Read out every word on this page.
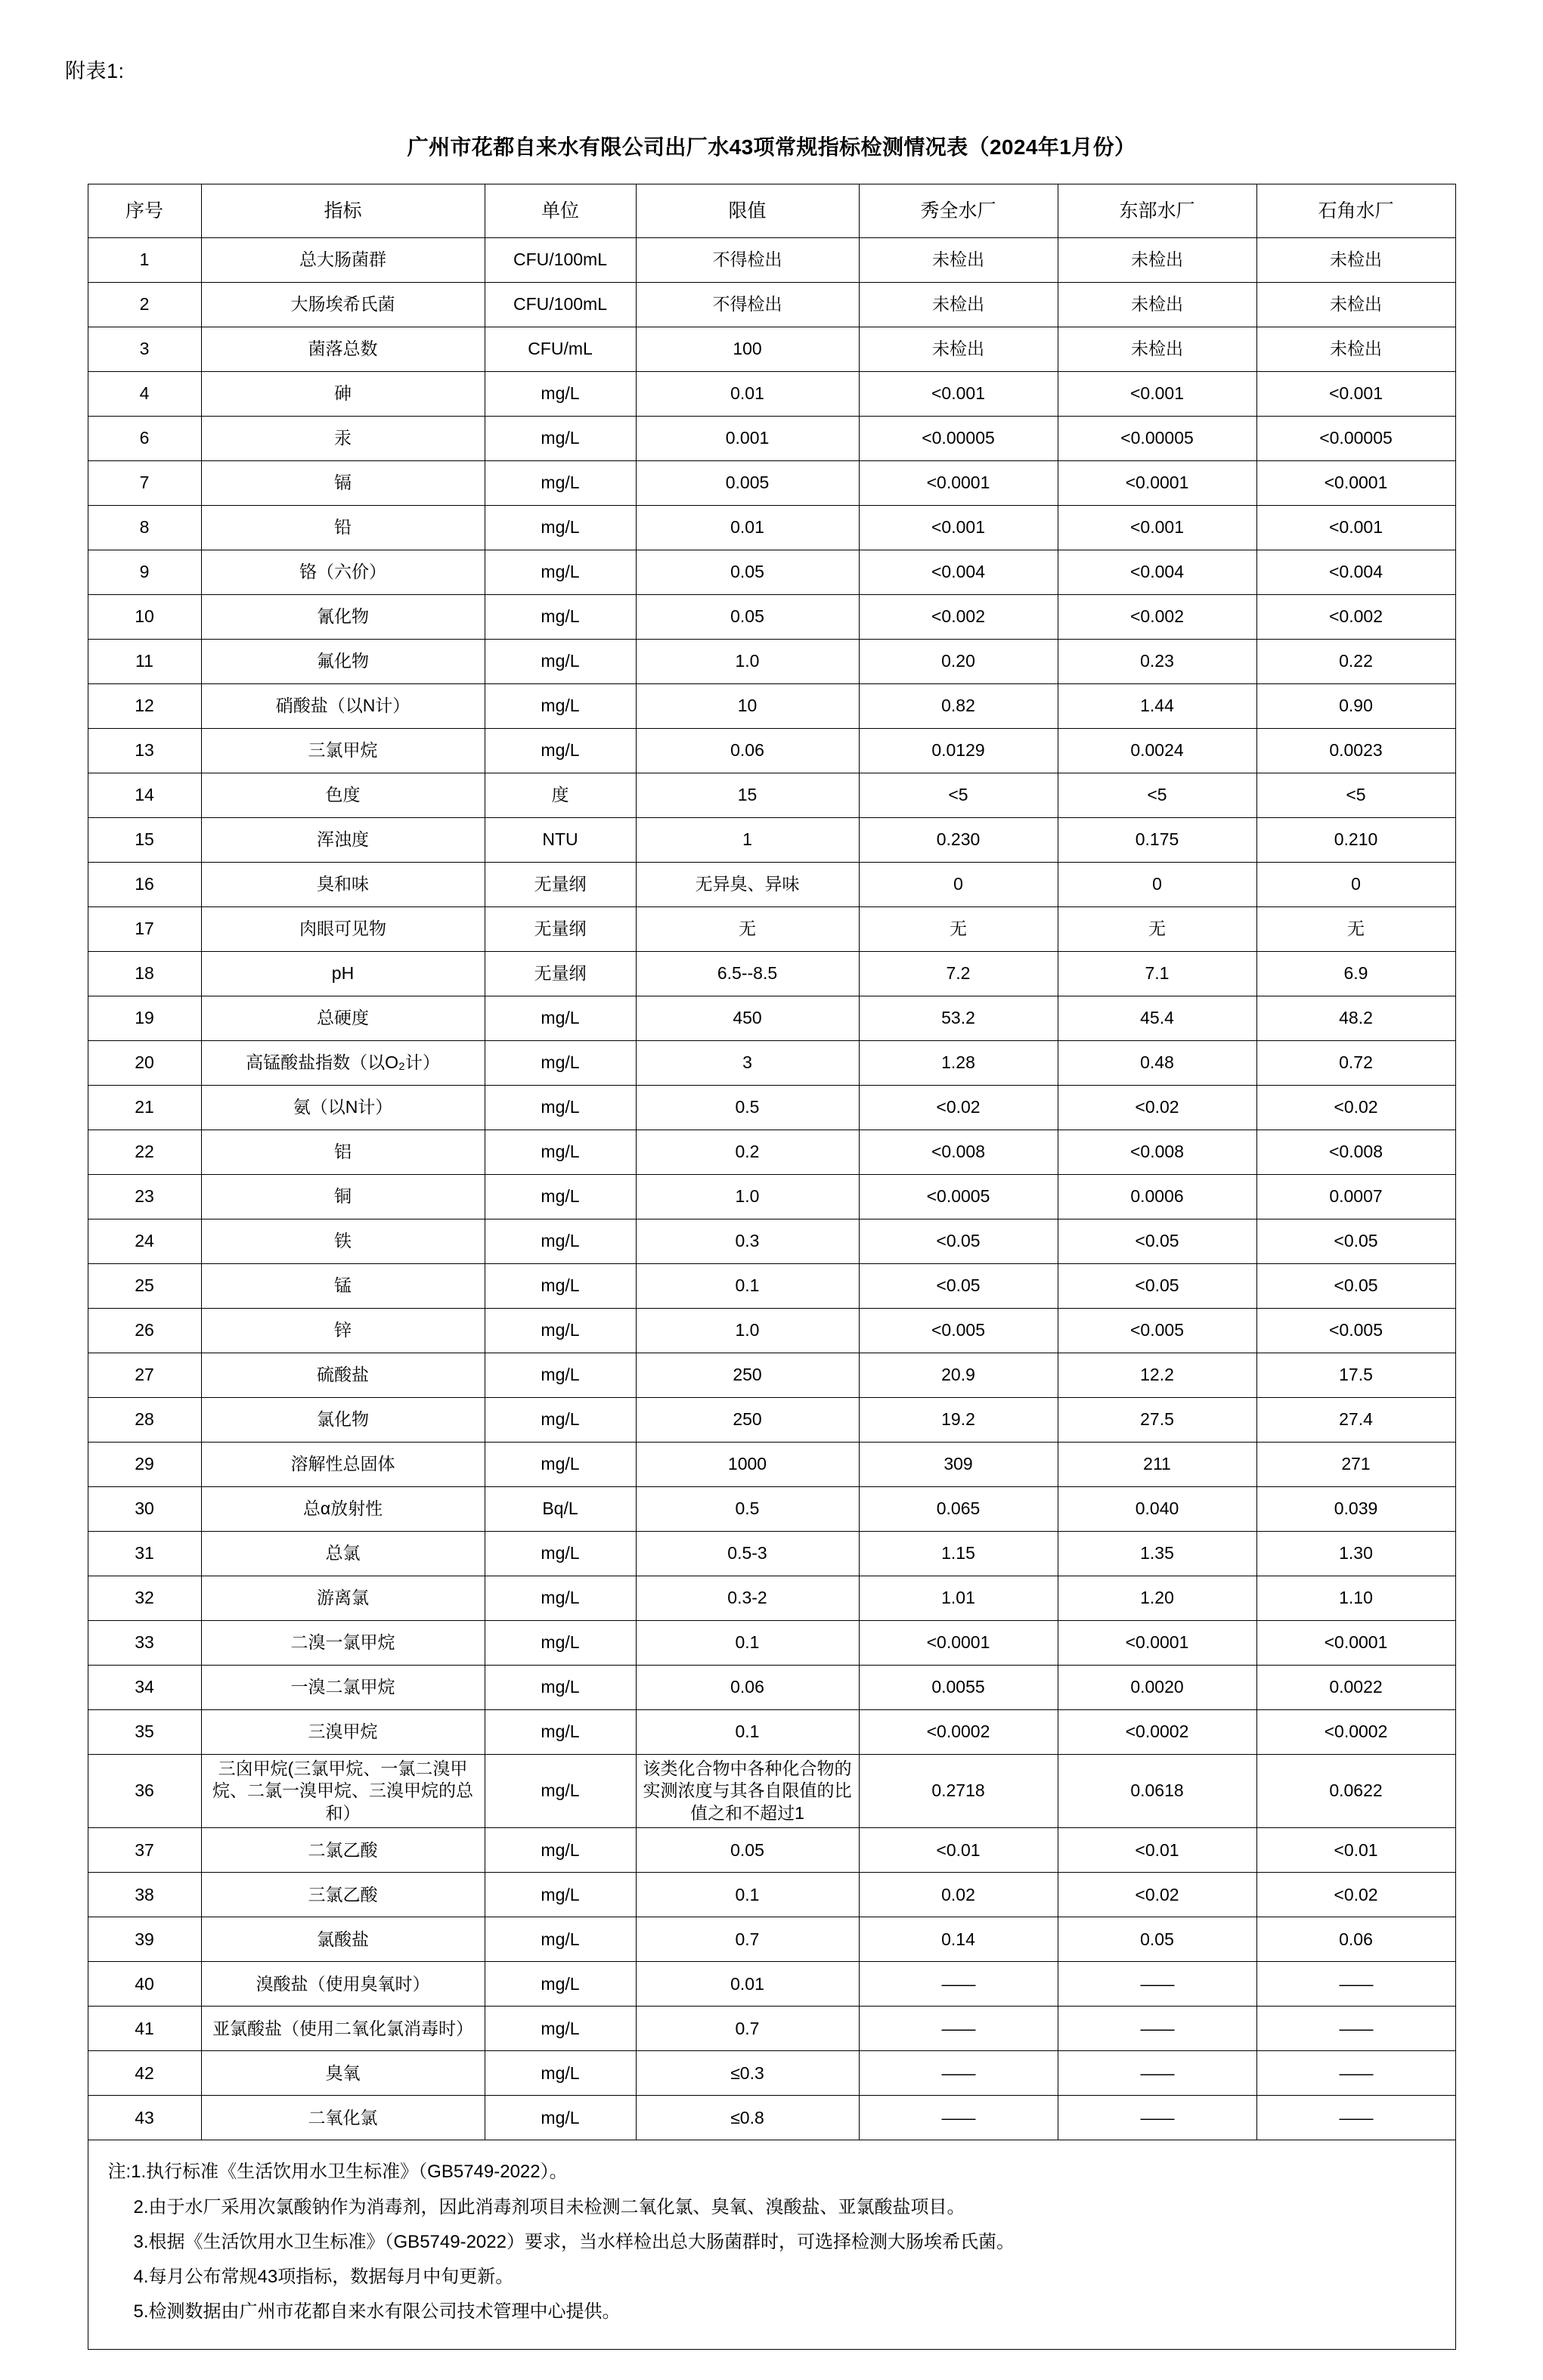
附表1:
广州市花都自来水有限公司出厂水43项常规指标检测情况表（2024年1月份）
序号	指标	单位	限值	秀全水厂	东部水厂	石角水厂
1	总大肠菌群	CFU/100mL	不得检出	未检出	未检出	未检出
2	大肠埃希氏菌	CFU/100mL	不得检出	未检出	未检出	未检出
3	菌落总数	CFU/mL	100	未检出	未检出	未检出
4	砷	mg/L	0.01	<0.001	<0.001	<0.001
6	汞	mg/L	0.001	<0.00005	<0.00005	<0.00005
7	镉	mg/L	0.005	<0.0001	<0.0001	<0.0001
8	铅	mg/L	0.01	<0.001	<0.001	<0.001
9	铬（六价）	mg/L	0.05	<0.004	<0.004	<0.004
10	氰化物	mg/L	0.05	<0.002	<0.002	<0.002
11	氟化物	mg/L	1.0	0.20	0.23	0.22
12	硝酸盐（以N计）	mg/L	10	0.82	1.44	0.90
13	三氯甲烷	mg/L	0.06	0.0129	0.0024	0.0023
14	色度	度	15	<5	<5	<5
15	浑浊度	NTU	1	0.230	0.175	0.210
16	臭和味	无量纲	无异臭、异味	0	0	0
17	肉眼可见物	无量纲	无	无	无	无
18	pH	无量纲	6.5--8.5	7.2	7.1	6.9
19	总硬度	mg/L	450	53.2	45.4	48.2
20	高锰酸盐指数（以O₂计）	mg/L	3	1.28	0.48	0.72
21	氨（以N计）	mg/L	0.5	<0.02	<0.02	<0.02
22	铝	mg/L	0.2	<0.008	<0.008	<0.008
23	铜	mg/L	1.0	<0.0005	0.0006	0.0007
24	铁	mg/L	0.3	<0.05	<0.05	<0.05
25	锰	mg/L	0.1	<0.05	<0.05	<0.05
26	锌	mg/L	1.0	<0.005	<0.005	<0.005
27	硫酸盐	mg/L	250	20.9	12.2	17.5
28	氯化物	mg/L	250	19.2	27.5	27.4
29	溶解性总固体	mg/L	1000	309	211	271
30	总α放射性	Bq/L	0.5	0.065	0.040	0.039
31	总氯	mg/L	0.5-3	1.15	1.35	1.30
32	游离氯	mg/L	0.3-2	1.01	1.20	1.10
33	二溴一氯甲烷	mg/L	0.1	<0.0001	<0.0001	<0.0001
34	一溴二氯甲烷	mg/L	0.06	0.0055	0.0020	0.0022
35	三溴甲烷	mg/L	0.1	<0.0002	<0.0002	<0.0002
36	三囟甲烷(三氯甲烷、一氯二溴甲烷、二氯一溴甲烷、三溴甲烷的总和）	mg/L	该类化合物中各种化合物的实测浓度与其各自限值的比值之和不超过1	0.2718	0.0618	0.0622
37	二氯乙酸	mg/L	0.05	<0.01	<0.01	<0.01
38	三氯乙酸	mg/L	0.1	0.02	<0.02	<0.02
39	氯酸盐	mg/L	0.7	0.14	0.05	0.06
40	溴酸盐（使用臭氧时）	mg/L	0.01	——	——	——
41	亚氯酸盐（使用二氧化氯消毒时）	mg/L	0.7	——	——	——
42	臭氧	mg/L	≤0.3	——	——	——
43	二氧化氯	mg/L	≤0.8	——	——	——
注:1.执行标准《生活饮用水卫生标准》（GB5749-2022）。
2.由于水厂采用次氯酸钠作为消毒剂，因此消毒剂项目未检测二氧化氯、臭氧、溴酸盐、亚氯酸盐项目。
3.根据《生活饮用水卫生标准》（GB5749-2022）要求，当水样检出总大肠菌群时，可选择检测大肠埃希氏菌。
4.每月公布常规43项指标，数据每月中旬更新。
5.检测数据由广州市花都自来水有限公司技术管理中心提供。
